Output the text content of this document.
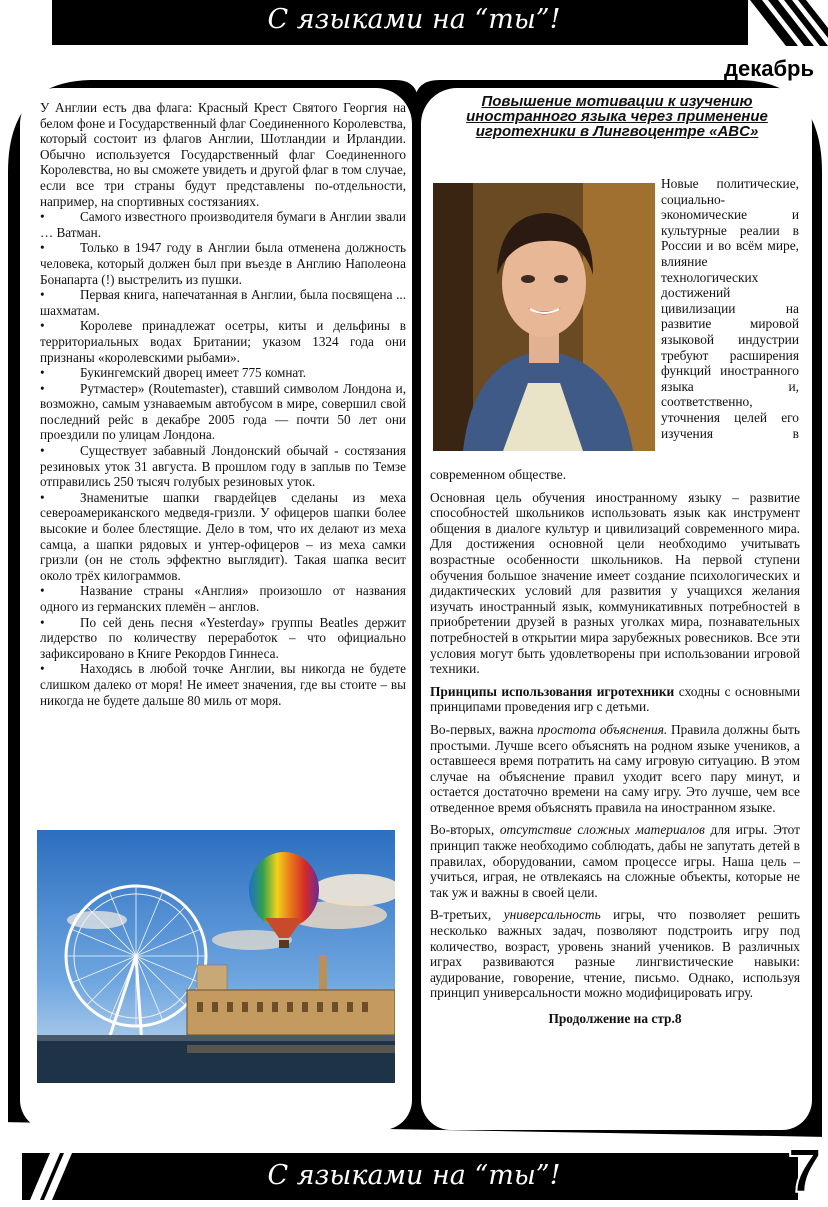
С языками на “ты”!
декабрь

У Англии есть два флага: Красный Крест Святого Георгия на белом фоне и Государственный флаг Соединенного Королевства, который состоит из флагов Англии, Шотландии и Ирландии. Обычно используется Государственный флаг Соединенного Королевства, но вы сможете увидеть и другой флаг в том случае, если все три страны будут представлены по-отдельности, например, на спортивных состязаниях.

•	Самого известного производителя бумаги в Англии звали … Ватман.

•	Только в 1947 году в Англии была отменена должность человека, который должен был при въезде в Англию Наполеона Бонапарта (!) выстрелить из пушки.

•	Первая книга, напечатанная в Англии, была посвящена ... шахматам.

•	Королеве принадлежат осетры, киты и дельфины в территориальных водах Британии; указом 1324 года они признаны «королевскими рыбами».

•	Букингемский дворец имеет 775 комнат.

•	Рутмастер» (Routemaster), ставший символом Лондона и, возможно, самым узнаваемым автобусом в мире, совершил свой последний рейс в декабре 2005 года — почти 50 лет они проездили по улицам Лондона.

•	Существует забавный Лондонский обычай - состязания резиновых уток 31 августа. В прошлом году в заплыв по Темзе отправились 250 тысяч голубых резиновых уток.

•	Знаменитые шапки гвардейцев сделаны из меха североамериканского медведя-гризли. У офицеров шапки более высокие и более блестящие. Дело в том, что их делают из меха самца, а шапки рядовых и унтер-офицеров – из меха самки гризли (он не столь эффектно выглядит). Такая шапка весит около трёх килограммов.

•	Название страны «Англия» произошло от названия одного из германских племён – англов.

•	По сей день песня «Yesterday» группы Beatles держит лидерство по количеству переработок – что официально зафиксировано в Книге Рекордов Гиннеса.

•	Находясь в любой точке Англии, вы никогда не будете слишком далеко от моря! Не имеет значения, где вы стоите – вы никогда не будете дальше 80 миль от моря.

Повышение мотивации к изучению иностранного языка через применение игротехники в Лингвоцентре «ABC»
Новые политические, социально-экономические и культурные реалии в России и во всём мире, влияние технологических достижений цивилизации на развитие мировой языковой индустрии требуют расширения функций иностранного языка и, соответственно, уточнения целей его изучения в

современном обществе.

Основная цель обучения иностранному языку – развитие способностей школьников использовать язык как инструмент общения в диалоге культур и цивилизаций современного мира. Для достижения основной цели необходимо учитывать возрастные особенности школьников. На первой ступени обучения большое значение имеет создание психологических и дидактических условий для развития у учащихся желания изучать иностранный язык, коммуникативных потребностей в приобретении друзей в разных уголках мира, познавательных потребностей в открытии мира зарубежных ровесников. Все эти условия могут быть удовлетворены при использовании игровой техники.

Принципы использования игротехники сходны с основными принципами проведения игр с детьми.

Во-первых, важна простота объяснения. Правила должны быть простыми. Лучше всего объяснять на родном языке учеников, а оставшееся время потратить на саму игровую ситуацию. В этом случае на объяснение правил уходит всего пару минут, и остается достаточно времени на саму игру. Это лучше, чем все отведенное время объяснять правила на иностранном языке.

Во-вторых, отсутствие сложных материалов для игры. Этот принцип также необходимо соблюдать, дабы не запутать детей в правилах, оборудовании, самом процессе игры. Наша цель – учиться, играя, не отвлекаясь на сложные объекты, которые не так уж и важны в своей цели.

В-третьих, универсальность игры, что позволяет решить несколько важных задач, позволяют подстроить игру под количество, возраст, уровень знаний учеников. В различных играх развиваются разные лингвистические навыки: аудирование, говорение, чтение, письмо. Однако, используя принцип универсальности можно модифицировать игру.

Продолжение на стр.8

С языками на “ты”!	7
